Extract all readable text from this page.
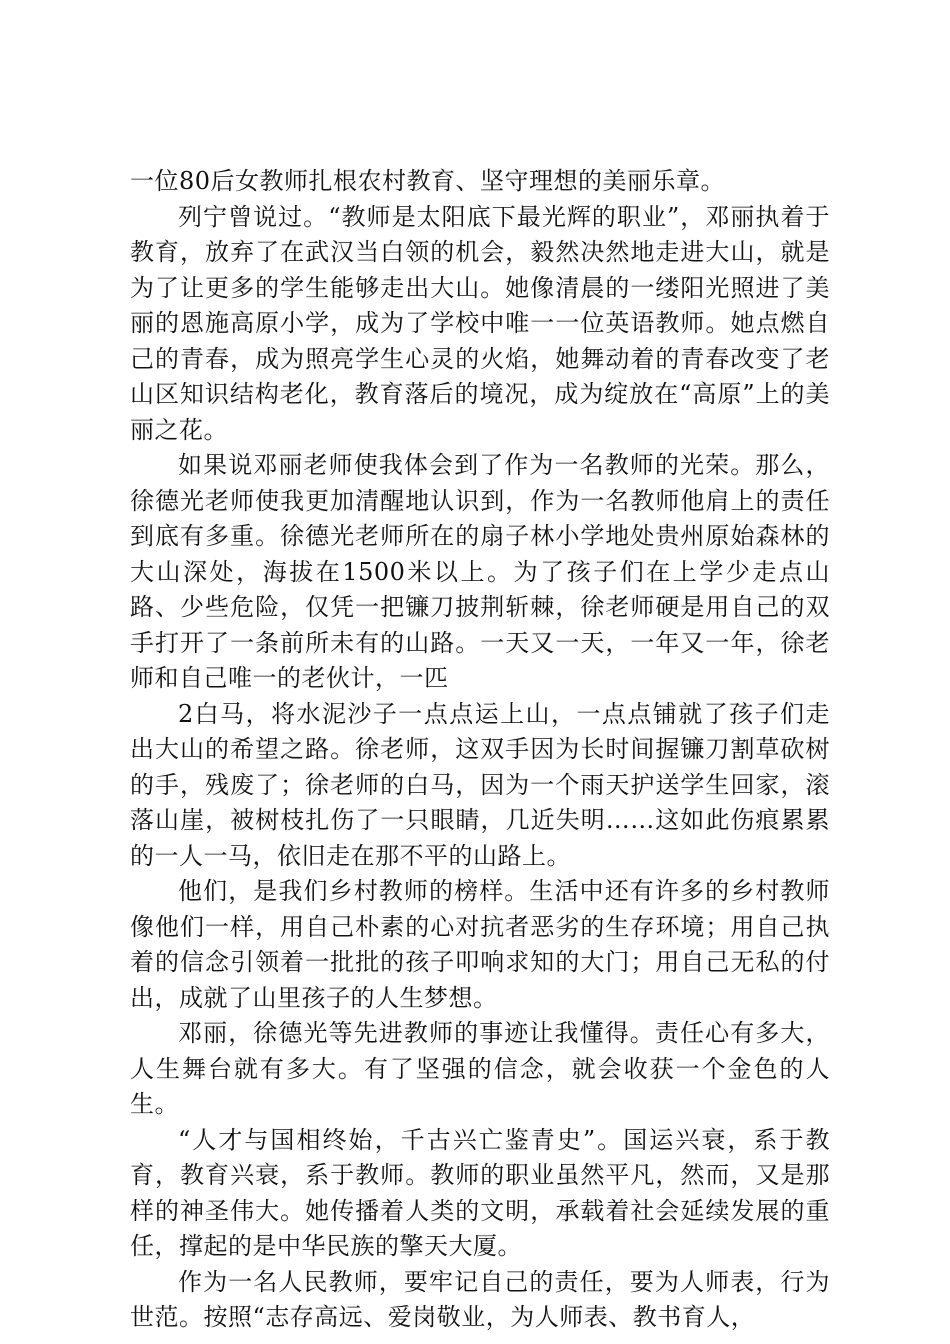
一位80后女教师扎根农村教育、坚守理想的美丽乐章。

列宁曾说过。“教师是太阳底下最光辉的职业”，邓丽执着于教育，放弃了在武汉当白领的机会，毅然决然地走进大山，就是为了让更多的学生能够走出大山。她像清晨的一缕阳光照进了美丽的恩施高原小学，成为了学校中唯一一位英语教师。她点燃自己的青春，成为照亮学生心灵的火焰，她舞动着的青春改变了老山区知识结构老化，教育落后的境况，成为绽放在“高原”上的美丽之花。

如果说邓丽老师使我体会到了作为一名教师的光荣。那么，徐德光老师使我更加清醒地认识到，作为一名教师他肩上的责任到底有多重。徐德光老师所在的扇子林小学地处贵州原始森林的大山深处，海拔在1500米以上。为了孩子们在上学少走点山路、少些危险，仅凭一把镰刀披荆斩棘，徐老师硬是用自己的双手打开了一条前所未有的山路。一天又一天，一年又一年，徐老师和自己唯一的老伙计，一匹

2白马，将水泥沙子一点点运上山，一点点铺就了孩子们走出大山的希望之路。徐老师，这双手因为长时间握镰刀割草砍树的手，残废了；徐老师的白马，因为一个雨天护送学生回家，滚落山崖，被树枝扎伤了一只眼睛，几近失明……这如此伤痕累累的一人一马，依旧走在那不平的山路上。

他们，是我们乡村教师的榜样。生活中还有许多的乡村教师像他们一样，用自己朴素的心对抗者恶劣的生存环境；用自己执着的信念引领着一批批的孩子叩响求知的大门；用自己无私的付出，成就了山里孩子的人生梦想。

邓丽，徐德光等先进教师的事迹让我懂得。责任心有多大，人生舞台就有多大。有了坚强的信念，就会收获一个金色的人生。

“人才与国相终始，千古兴亡鉴青史”。国运兴衰，系于教育，教育兴衰，系于教师。教师的职业虽然平凡，然而，又是那样的神圣伟大。她传播着人类的文明，承载着社会延续发展的重任，撑起的是中华民族的擎天大厦。

作为一名人民教师，要牢记自己的责任，要为人师表，行为世范。按照“志存高远、爱岗敬业，为人师表、教书育人，
